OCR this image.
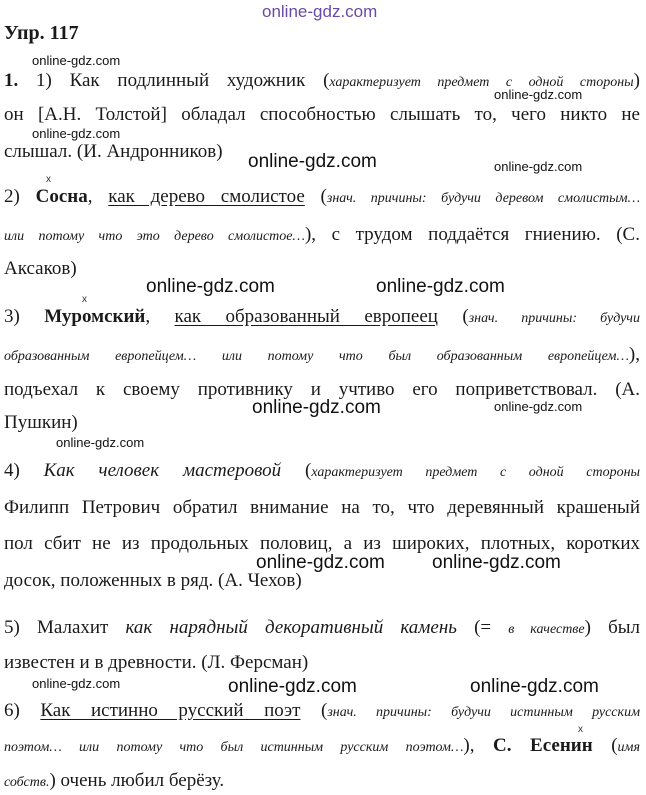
online-gdz.com
Упр. 117
online-gdz.com
1. 1) Как подлинный художник (характеризует предмет с одной стороны)
online-gdz.com
он [А.Н. Толстой] обладал способностью слышать то, чего никто не
online-gdz.com
слышал. (И. Андронников) online-gdz.com	online-gdz.com
x
2) Сосна, как дерево смолистое (знач. причины: будучи деревом смолистым…
или потому что это дерево смолистое…), с трудом поддаётся гниению. (С.
Аксаков)
online-gdz.com	online-gdz.com
x
3) Муромский, как образованный европеец (знач. причины: будучи
образованным европейцем… или потому что был образованным европейцем…),
подъехал к своему противнику и учтиво его поприветствовал. (А.
online-gdz.com	online-gdz.com
Пушкин)
online-gdz.com
4) Как человек мастеровой (характеризует предмет с одной стороны
Филипп Петрович обратил внимание на то, что деревянный крашеный
пол сбит не из продольных половиц, а из широких, плотных, коротких
online-gdz.com online-gdz.com
досок, положенных в ряд. (А. Чехов)
5) Малахит как нарядный декоративный камень (= в качестве) был
известен и в древности. (Л. Ферсман)
online-gdz.com	online-gdz.com	online-gdz.com
6) Как истинно русский поэт (знач. причины: будучи истинным русским
x
поэтом… или потому что был истинным русским поэтом…), С. Есенин (имя
собств.) очень любил берёзу.
